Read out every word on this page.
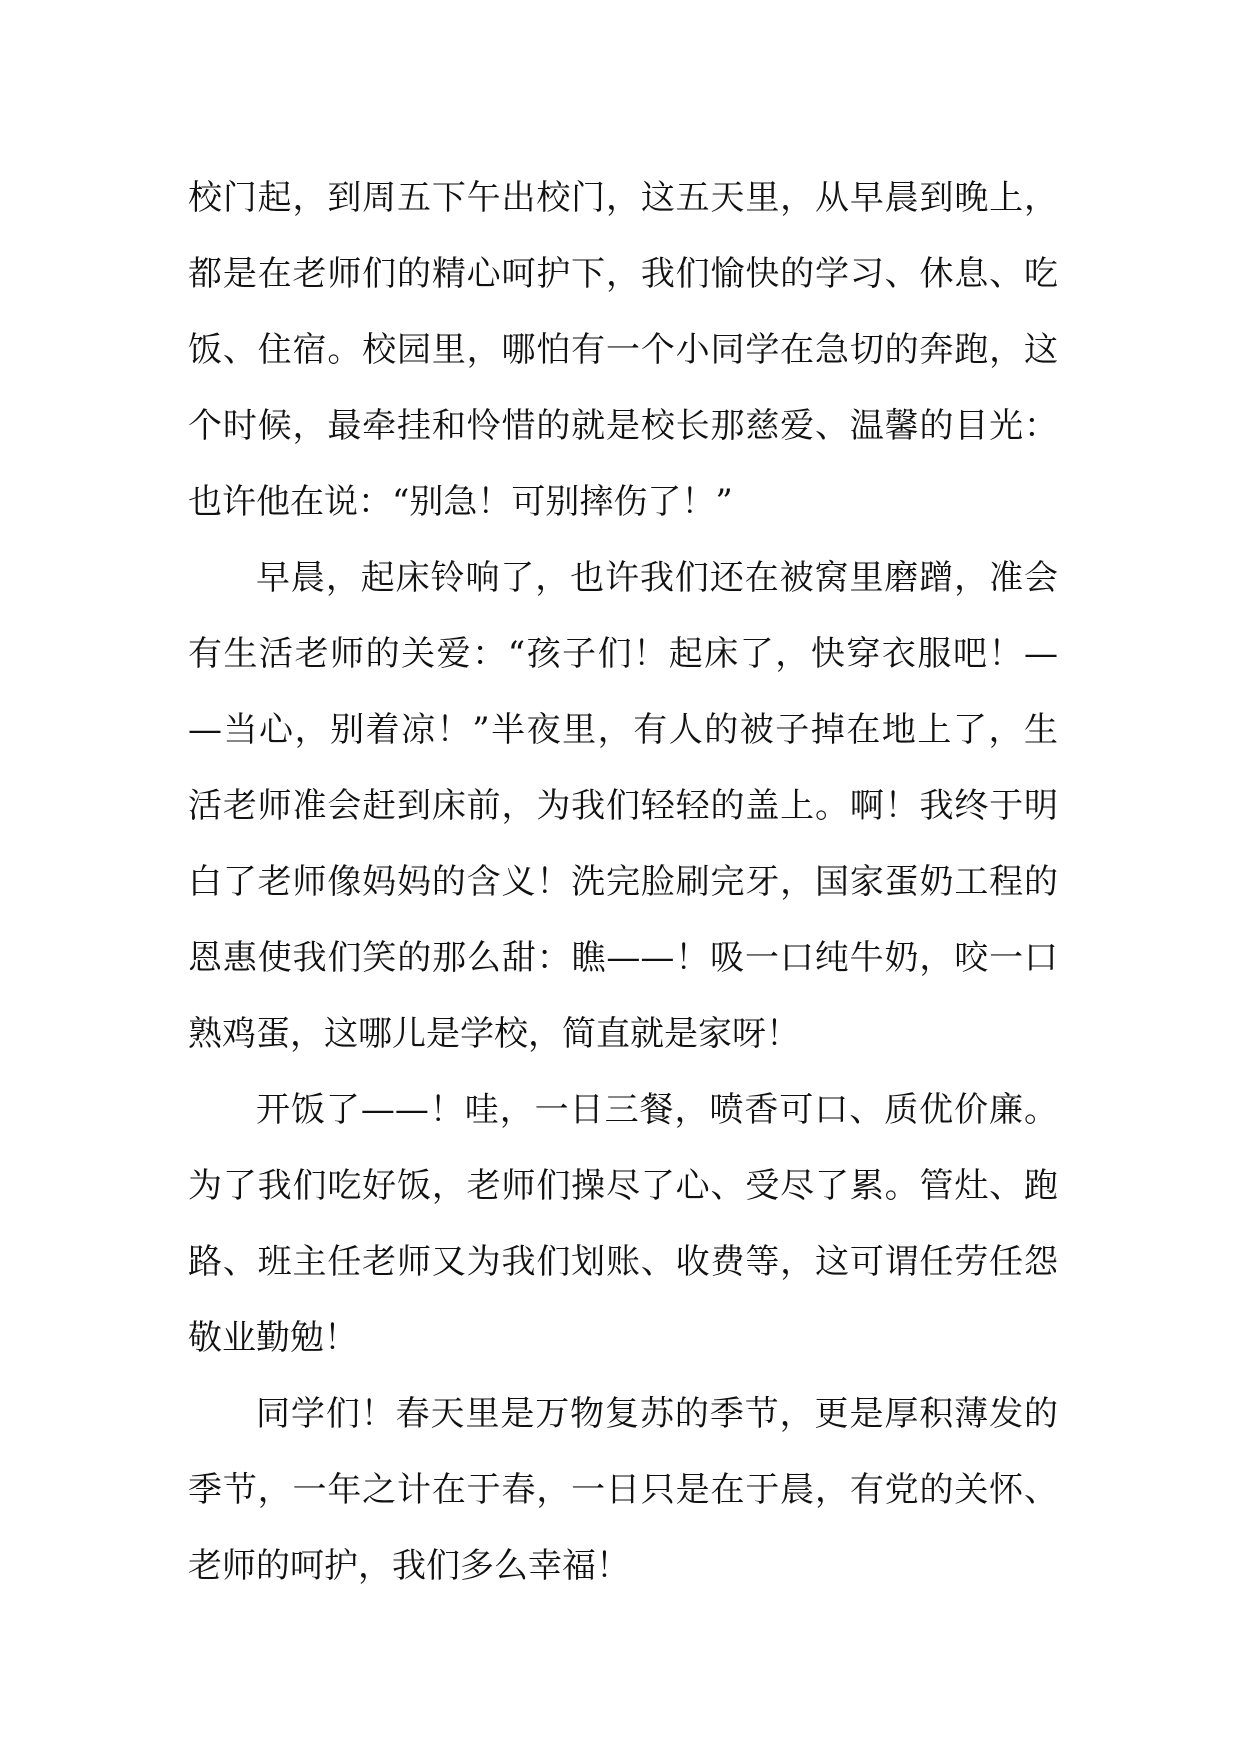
校门起，到周五下午出校门，这五天里，从早晨到晚上，
都是在老师们的精心呵护下，我们愉快的学习、休息、吃
饭、住宿。校园里，哪怕有一个小同学在急切的奔跑，这
个时候，最牵挂和怜惜的就是校长那慈爱、温馨的目光：
也许他在说：“别急！可别摔伤了！”
早晨，起床铃响了，也许我们还在被窝里磨蹭，准会
有生活老师的关爱：“孩子们！起床了，快穿衣服吧！—
—当心，别着凉！”半夜里，有人的被子掉在地上了，生
活老师准会赶到床前，为我们轻轻的盖上。啊！我终于明
白了老师像妈妈的含义！洗完脸刷完牙，国家蛋奶工程的
恩惠使我们笑的那么甜：瞧——！吸一口纯牛奶，咬一口
熟鸡蛋，这哪儿是学校，简直就是家呀！
开饭了——！哇，一日三餐，喷香可口、质优价廉。
为了我们吃好饭，老师们操尽了心、受尽了累。管灶、跑
路、班主任老师又为我们划账、收费等，这可谓任劳任怨
敬业勤勉！
同学们！春天里是万物复苏的季节，更是厚积薄发的
季节，一年之计在于春，一日只是在于晨，有党的关怀、
老师的呵护，我们多么幸福！
